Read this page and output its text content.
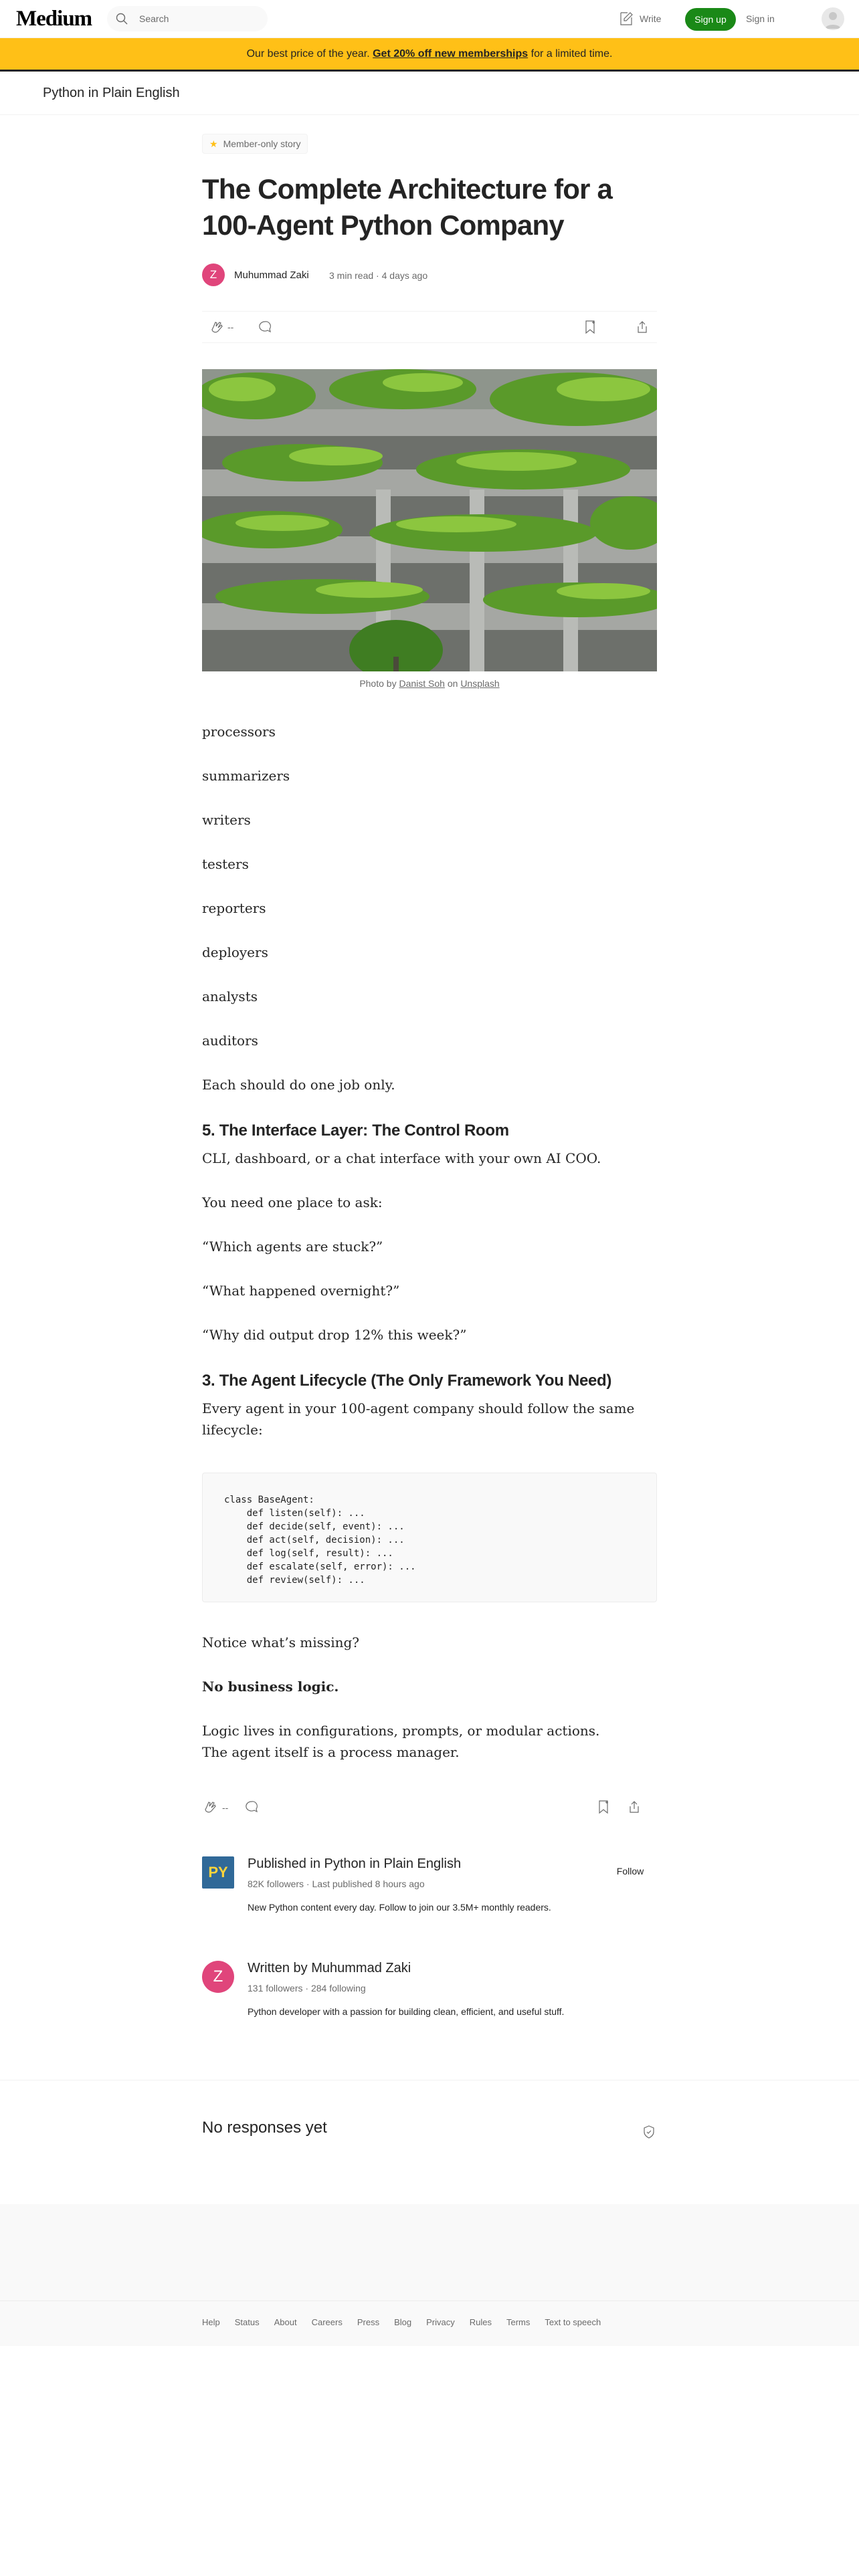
Medium	Search	Write	Sign up	Sign in
Our best price of the year. Get 20% off new memberships for a limited time.
Python in Plain English
★ Member-only story
The Complete Architecture for a 100-Agent Python Company
Z	Muhummad Zaki 3 min read · 4 days ago
--
Photo by Danist Soh on Unsplash

processors

summarizers

writers

testers

reporters

deployers

analysts

auditors

Each should do one job only.

5. The Interface Layer: The Control Room

CLI, dashboard, or a chat interface with your own AI COO.

You need one place to ask:

“Which agents are stuck?”

“What happened overnight?”

“Why did output drop 12% this week?”

3. The Agent Lifecycle (The Only Framework You Need)

Every agent in your 100-agent company should follow the same lifecycle:

class BaseAgent:
def listen(self): ...
def decide(self, event): ...
def act(self, decision): ...
def log(self, result): ...
def escalate(self, error): ...
def review(self): ...

Notice what’s missing?

No business logic.

Logic lives in configurations, prompts, or modular actions.

The agent itself is a process manager.

--
PY	Published in Python in Plain English
82K followers · Last published 8 hours ago
New Python content every day. Follow to join our 3.5M+ monthly readers.
Follow
Z	Written by Muhummad Zaki
131 followers · 284 following
Python developer with a passion for building clean, efficient, and useful stuff.
No responses yet
Help Status About Careers Press Blog Privacy Rules Terms Text to speech
